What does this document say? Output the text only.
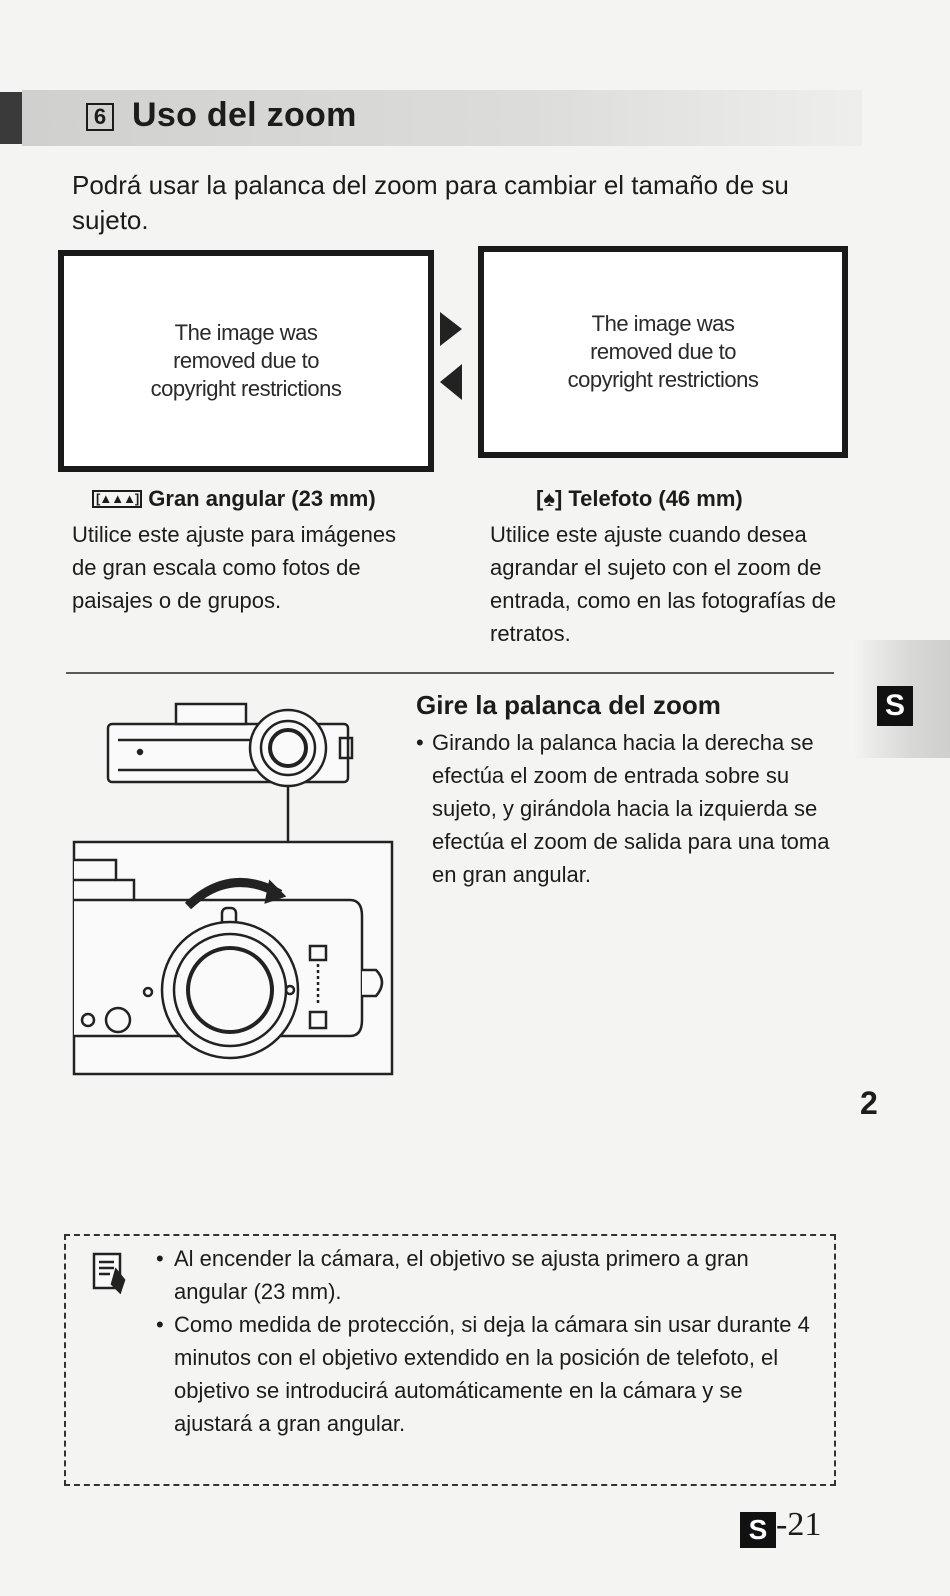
6 Uso del zoom
Podrá usar la palanca del zoom para cambiar el tamaño de su sujeto.
The image was removed due to copyright restrictions
The image was removed due to copyright restrictions
[▲▲▲] Gran angular (23 mm)
Utilice este ajuste para imágenes de gran escala como fotos de paisajes o de grupos.
[♠] Telefoto (46 mm)
Utilice este ajuste cuando desea agrandar el sujeto con el zoom de entrada, como en las fotografías de retratos.
S
2
Gire la palanca del zoom
• Girando la palanca hacia la derecha se efectúa el zoom de entrada sobre su sujeto, y girándola hacia la izquierda se efectúa el zoom de salida para una toma en gran angular.
• Al encender la cámara, el objetivo se ajusta primero a gran angular (23 mm).
• Como medida de protección, si deja la cámara sin usar durante 4 minutos con el objetivo extendido en la posición de telefoto, el objetivo se introducirá automáticamente en la cámara y se ajustará a gran angular.
S -21
